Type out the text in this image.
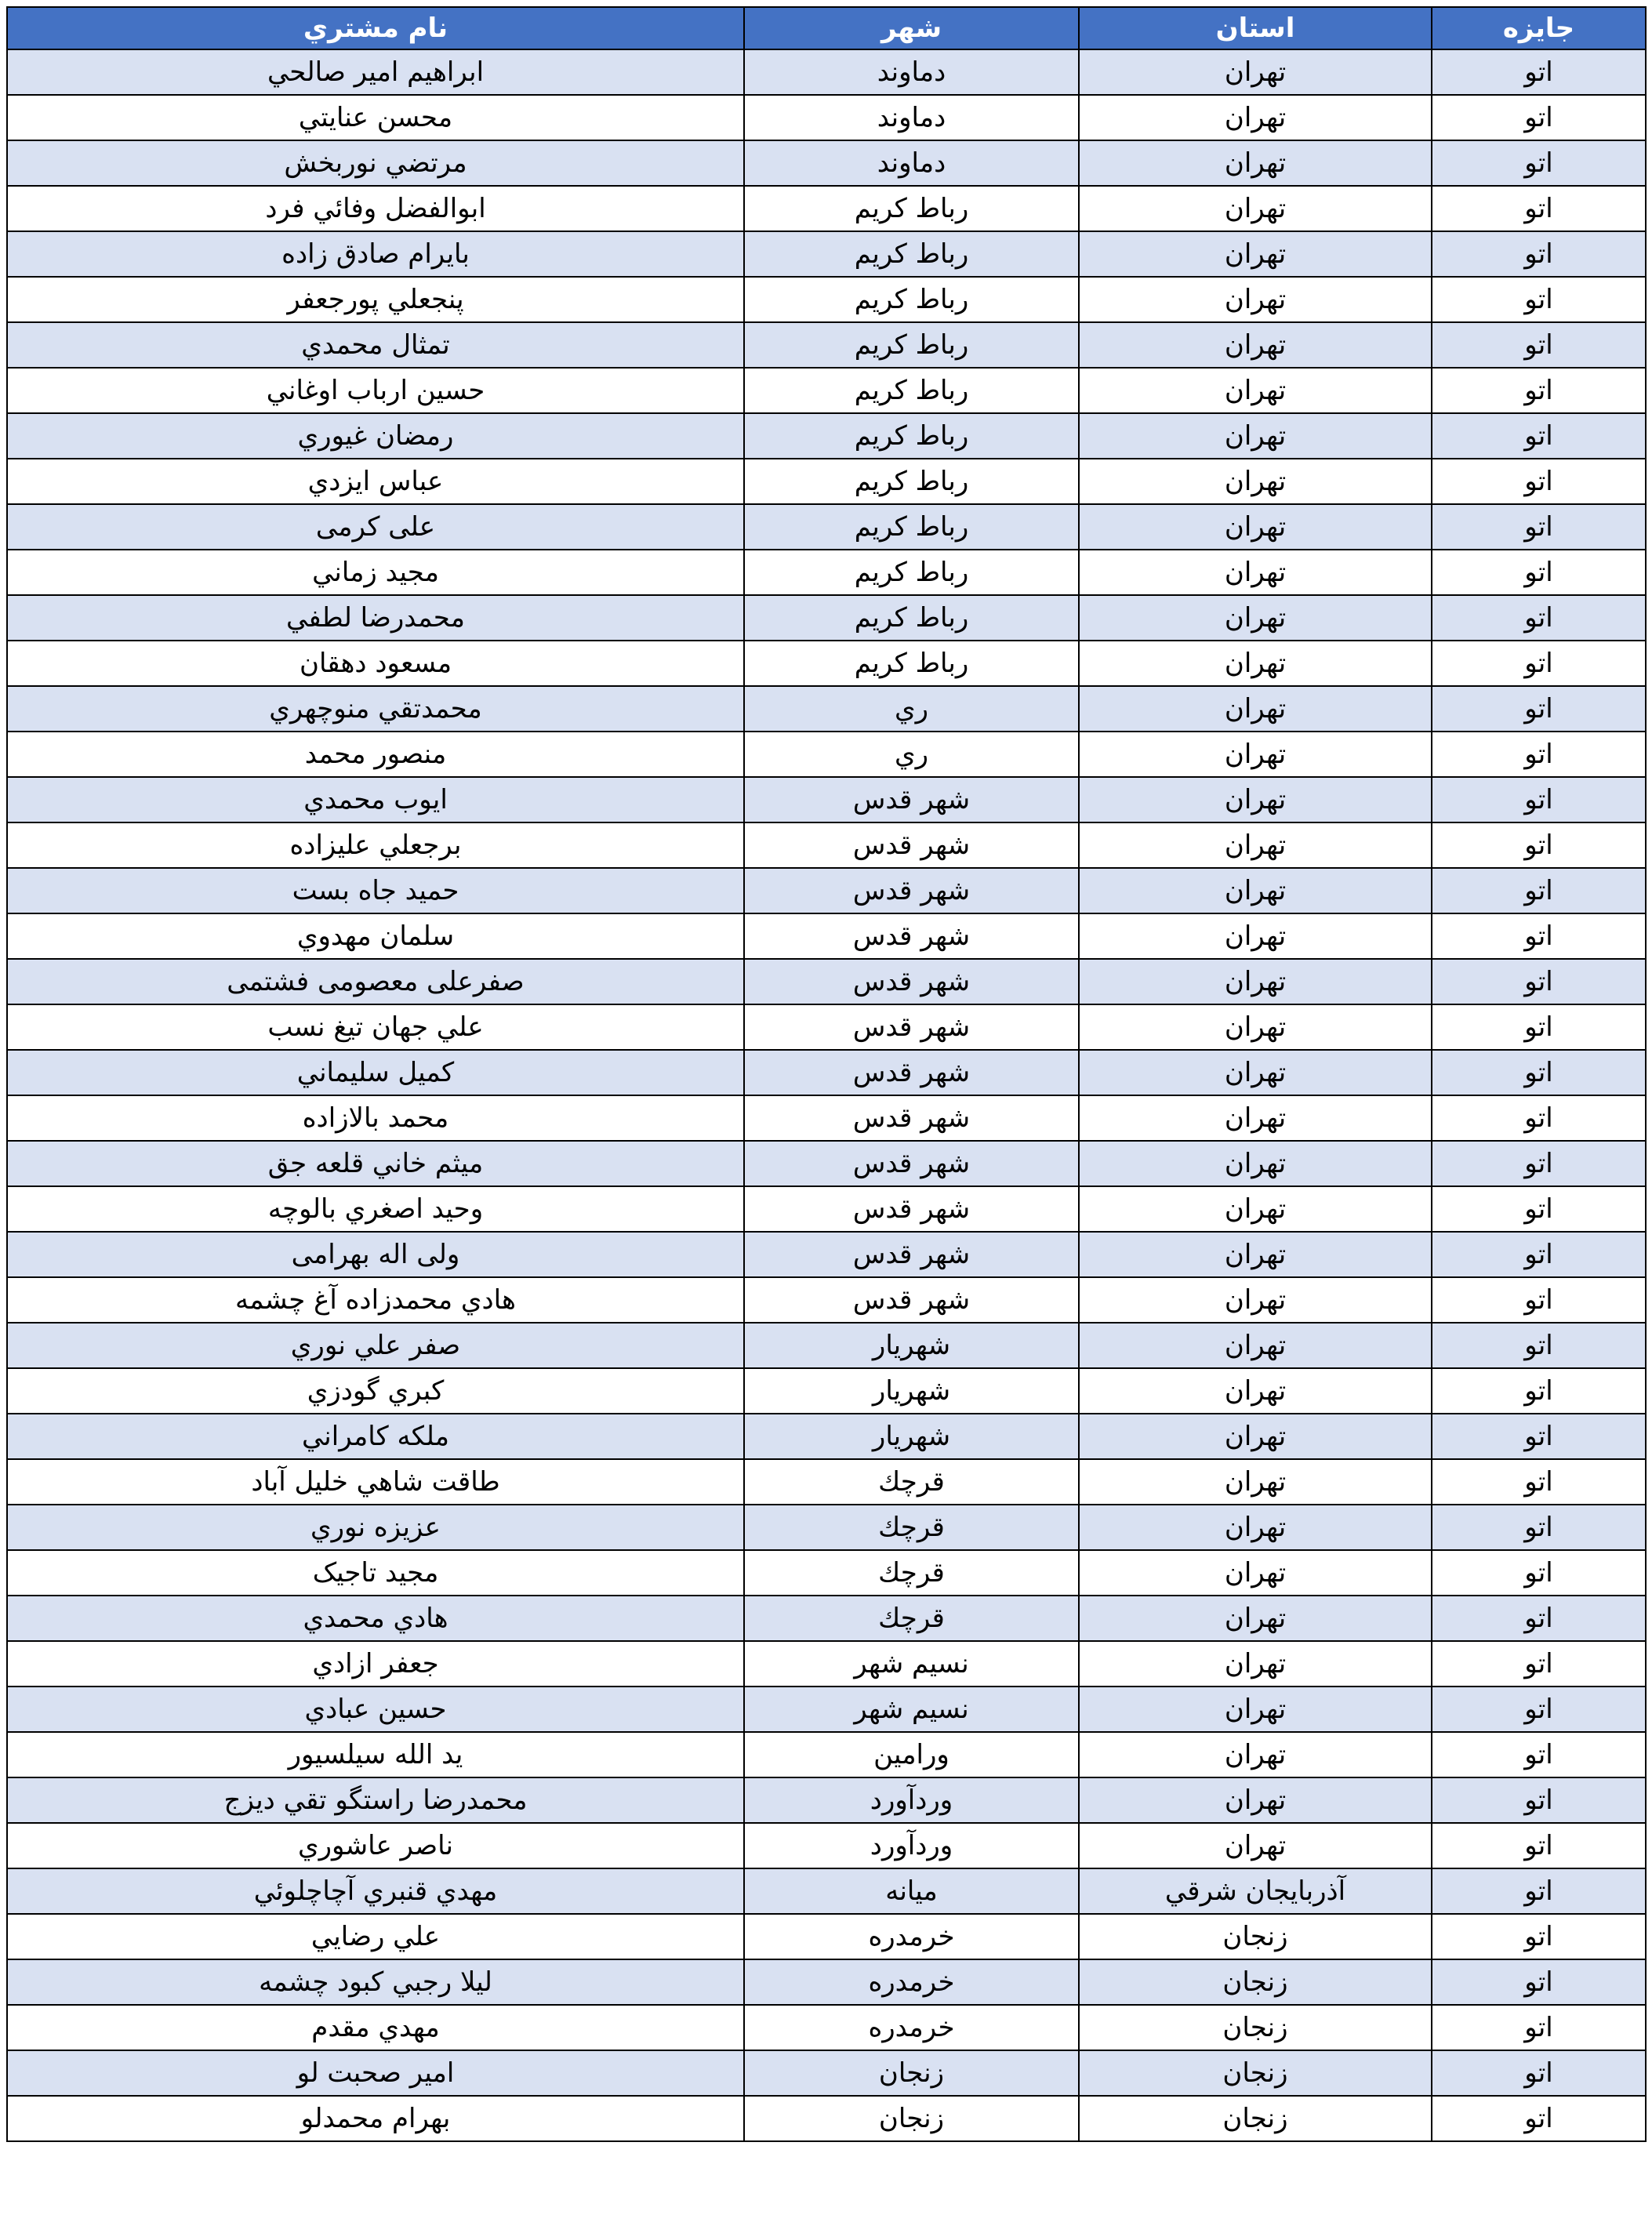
جايزه	استان	شهر	نام مشتري
اتو	تهران	دماوند	ابراهيم امير صالحي
اتو	تهران	دماوند	محسن عنايتي
اتو	تهران	دماوند	مرتضي نوربخش
اتو	تهران	رباط كريم	ابوالفضل وفائي فرد
اتو	تهران	رباط كريم	بايرام صادق زاده
اتو	تهران	رباط كريم	پنجعلي پورجعفر
اتو	تهران	رباط كريم	تمثال محمدي
اتو	تهران	رباط كريم	حسين ارباب اوغاني
اتو	تهران	رباط كريم	رمضان غيوري
اتو	تهران	رباط كريم	عباس ايزدي
اتو	تهران	رباط كريم	علی کرمی
اتو	تهران	رباط كريم	مجيد زماني
اتو	تهران	رباط كريم	محمدرضا لطفي
اتو	تهران	رباط كريم	مسعود دهقان
اتو	تهران	ري	محمدتقي منوچهري
اتو	تهران	ري	منصور محمد
اتو	تهران	شهر قدس	ايوب محمدي
اتو	تهران	شهر قدس	برجعلي عليزاده
اتو	تهران	شهر قدس	حميد جاه بست
اتو	تهران	شهر قدس	سلمان مهدوي
اتو	تهران	شهر قدس	صفرعلی معصومی فشتمی
اتو	تهران	شهر قدس	علي جهان تيغ نسب
اتو	تهران	شهر قدس	كميل سليماني
اتو	تهران	شهر قدس	محمد بالازاده
اتو	تهران	شهر قدس	ميثم خاني قلعه جق
اتو	تهران	شهر قدس	وحيد اصغري بالوچه
اتو	تهران	شهر قدس	ولی اله بهرامی
اتو	تهران	شهر قدس	هادي محمدزاده آغ چشمه
اتو	تهران	شهريار	صفر علي نوري
اتو	تهران	شهريار	كبري گودزي
اتو	تهران	شهريار	ملكه كامراني
اتو	تهران	قرچك	طاقت شاهي خليل آباد
اتو	تهران	قرچك	عزيزه نوري
اتو	تهران	قرچك	مجيد تاجيک
اتو	تهران	قرچك	هادي محمدي
اتو	تهران	نسيم شهر	جعفر ازادي
اتو	تهران	نسيم شهر	حسين عبادي
اتو	تهران	ورامين	يد الله سيلسيور
اتو	تهران	وردآورد	محمدرضا راستگو تقي ديزج
اتو	تهران	وردآورد	ناصر عاشوري
اتو	آذربايجان شرقي	ميانه	مهدي قنبري آچاچلوئي
اتو	زنجان	خرمدره	علي رضايي
اتو	زنجان	خرمدره	ليلا رجبي كبود چشمه
اتو	زنجان	خرمدره	مهدي مقدم
اتو	زنجان	زنجان	امير صحبت لو
اتو	زنجان	زنجان	بهرام محمدلو
